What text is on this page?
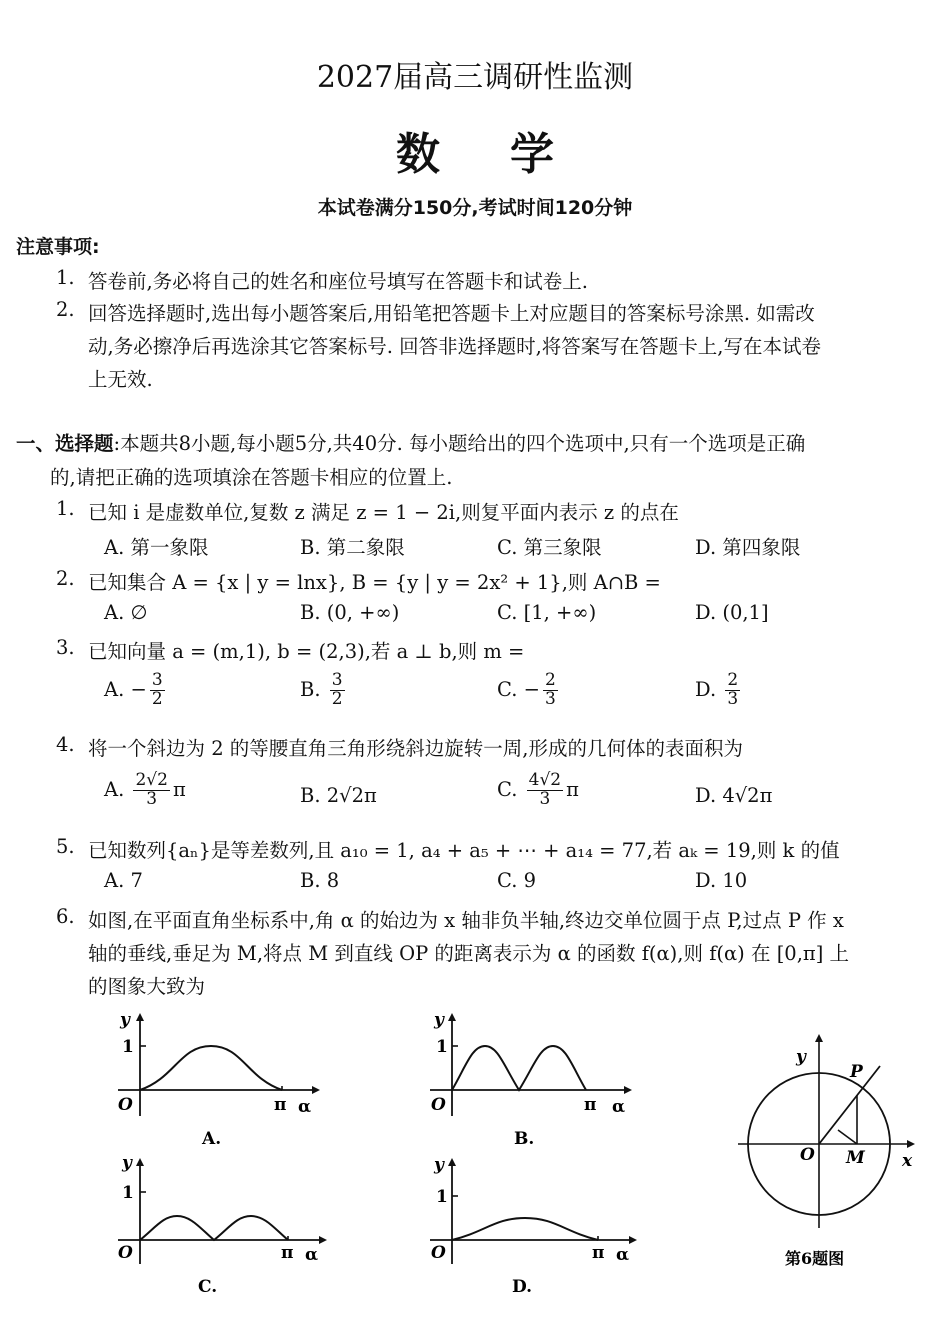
2027届高三调研性监测
数学
本试卷满分150分,考试时间120分钟
注意事项:
1. 答卷前,务必将自己的姓名和座位号填写在答题卡和试卷上.
2. 回答选择题时,选出每小题答案后,用铅笔把答题卡上对应题目的答案标号涂黑. 如需改
动,务必擦净后再选涂其它答案标号. 回答非选择题时,将答案写在答题卡上,写在本试卷
上无效.
一、选择题:本题共8小题,每小题5分,共40分. 每小题给出的四个选项中,只有一个选项是正确
的,请把正确的选项填涂在答题卡相应的位置上.
1. 已知 i 是虚数单位,复数 z 满足 z = 1 − 2i,则复平面内表示 z 的点在
A. 第一象限	B. 第二象限	C. 第三象限	D. 第四象限
2. 已知集合 A = {x | y = lnx}, B = {y | y = 2x² + 1},则 A∩B =
A. ∅	B. (0, +∞)	C. [1, +∞)	D. (0,1]
3. 已知向量 a = (m,1), b = (2,3),若 a ⊥ b,则 m =
A. − $\frac{3}{2}$	B. $\frac{3}{2}$	C. − $\frac{2}{3}$	D. $\frac{2}{3}$
4. 将一个斜边为 2 的等腰直角三角形绕斜边旋转一周,形成的几何体的表面积为
A. $\frac{2√2}{3}$ π	B. 2√2π	C. $\frac{4√2}{3}$ π	D. 4√2π
5. 已知数列{aₙ}是等差数列,且 a₁₀ = 1, a₄ + a₅ + ⋯ + a₁₄ = 77,若 aₖ = 19,则 k 的值
A. 7	B. 8	C. 9	D. 10
6. 如图,在平面直角坐标系中,角 α 的始边为 x 轴非负半轴,终边交单位圆于点 P,过点 P 作 x
轴的垂线,垂足为 M,将点 M 到直线 OP 的距离表示为 α 的函数 f(α),则 f(α) 在 [0,π] 上
的图象大致为
y
1
O	π α
A.
y
1
O	π α
B.
y
1
O	π α
C.
y
1
O	π α
D.
y
x
O
P
M
第6题图
